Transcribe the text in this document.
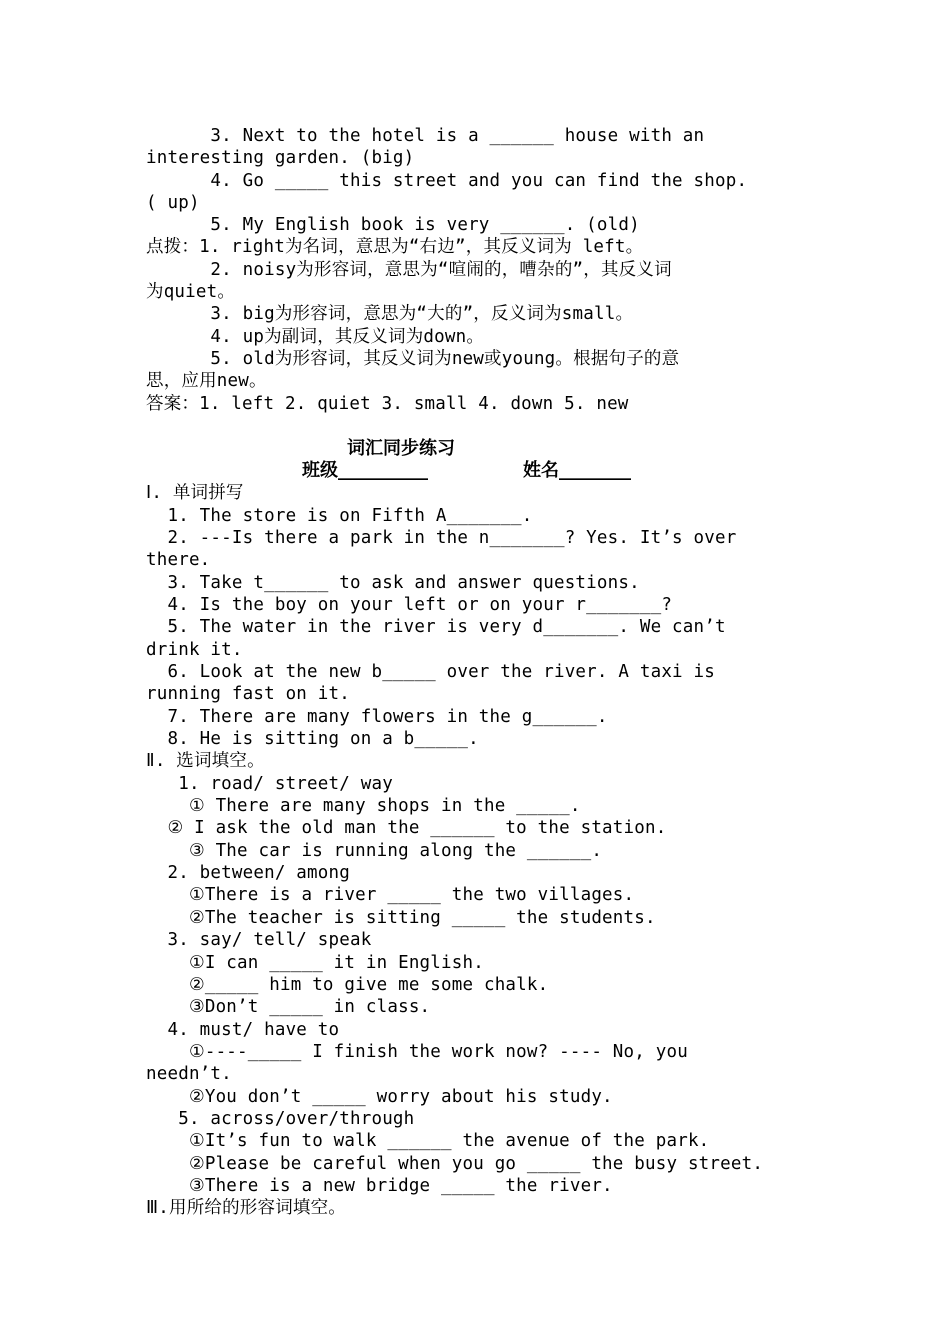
3. Next to the hotel is a ______ house with an
interesting garden. (big)
4. Go _____ this street and you can find the shop.
( up)
5. My English book is very ______. (old)
点拨：1. right为名词，意思为“右边”，其反义词为 left。
2. noisy为形容词，意思为“喧闹的，嘈杂的”，其反义词
为quiet。
3. big为形容词，意思为“大的”，反义词为small。
4. up为副词，其反义词为down。
5. old为形容词，其反义词为new或young。根据句子的意
思，应用new。
答案：1. left 2. quiet 3. small 4. down 5. new
词汇同步练习
班级__________	姓名________
Ⅰ. 单词拼写
1. The store is on Fifth A_______.
2. ---Is there a park in the n_______? Yes. It’s over
there.
3. Take t______ to ask and answer questions.
4. Is the boy on your left or on your r_______?
5. The water in the river is very d_______. We can’t
drink it.
6. Look at the new b_____ over the river. A taxi is
running fast on it.
7. There are many flowers in the g______.
8. He is sitting on a b_____.
Ⅱ. 选词填空。
1. road/ street/ way
① There are many shops in the _____.
② I ask the old man the ______ to the station.
③ The car is running along the ______.
2. between/ among
①There is a river _____ the two villages.
②The teacher is sitting _____ the students.
3. say/ tell/ speak
①I can _____ it in English.
②_____ him to give me some chalk.
③Don’t _____ in class.
4. must/ have to
①----_____ I finish the work now? ---- No, you
needn’t.
②You don’t _____ worry about his study.
5. across/over/through
①It’s fun to walk ______ the avenue of the park.
②Please be careful when you go _____ the busy street.
③There is a new bridge _____ the river.
Ⅲ.用所给的形容词填空。
